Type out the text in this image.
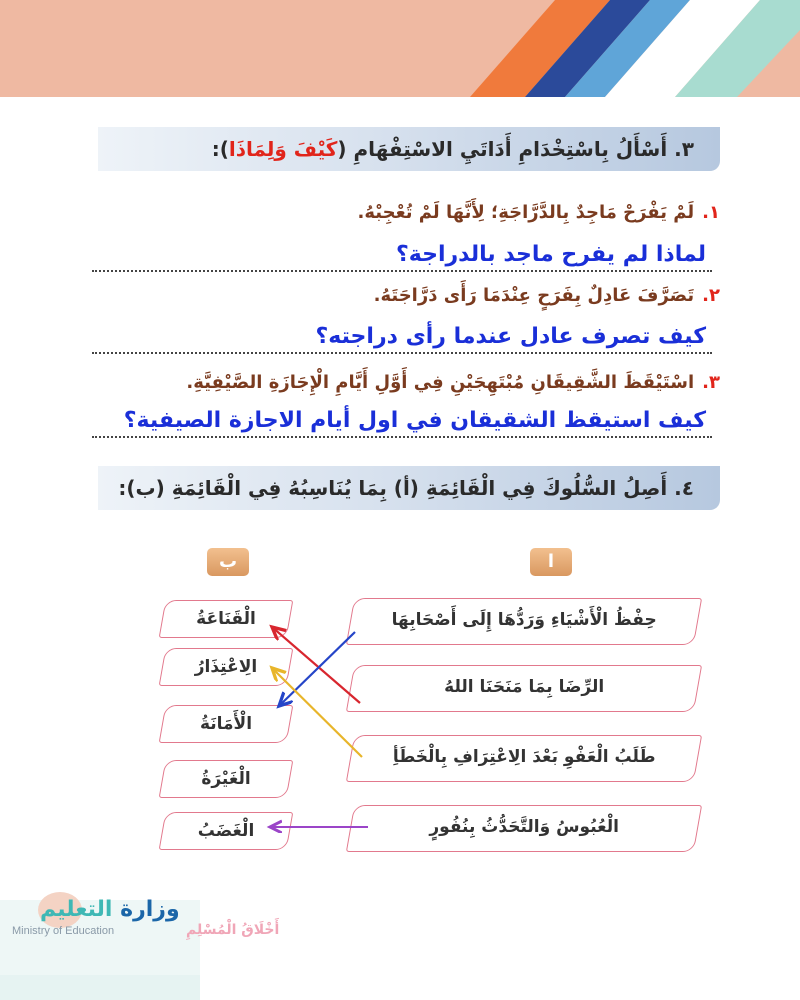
٣. أَسْأَلُ بِاسْتِخْدَامِ أَدَاتَيِ الاسْتِفْهَامِ (كَيْفَ وَلِمَاذَا):
١.لَمْ يَفْرَحْ مَاجِدٌ بِالدَّرَّاجَةِ؛ لِأَنَّهَا لَمْ تُعْجِبْهُ.
لماذا لم يفرح ماجد بالدراجة؟
٢.تَصَرَّفَ عَادِلٌ بِفَرَحٍ عِنْدَمَا رَأَى دَرَّاجَتَهُ.
كيف تصرف عادل عندما رأى دراجته؟
٣.اسْتَيْقَظَ الشَّقِيقَانِ مُبْتَهِجَيْنِ فِي أَوَّلِ أَيَّامِ الْإِجَازَةِ الصَّيْفِيَّةِ.
كيف استيقظ الشقيقان في اول أيام الاجازة الصيفية؟
٤. أَصِلُ السُّلُوكَ فِي الْقَائِمَةِ (أ) بِمَا يُنَاسِبُهُ فِي الْقَائِمَةِ (ب):
ا
ب
حِفْظُ الْأَشْيَاءِ وَرَدُّهَا إِلَى أَصْحَابِهَا
الرِّضَا بِمَا مَنَحَنَا اللهُ
طَلَبُ الْعَفْوِ بَعْدَ الِاعْتِرَافِ بِالْخَطَأِ
الْعُبُوسُ وَالتَّحَدُّثُ بِنُفُورٍ
الْقَنَاعَةُ
الِاعْتِذَارُ
الْأَمَانَةُ
الْغَيْرَةُ
الْغَضَبُ
وزارة التعليم
Ministry of Education	أَخْلَاقُ الْمُسْلِمِ
